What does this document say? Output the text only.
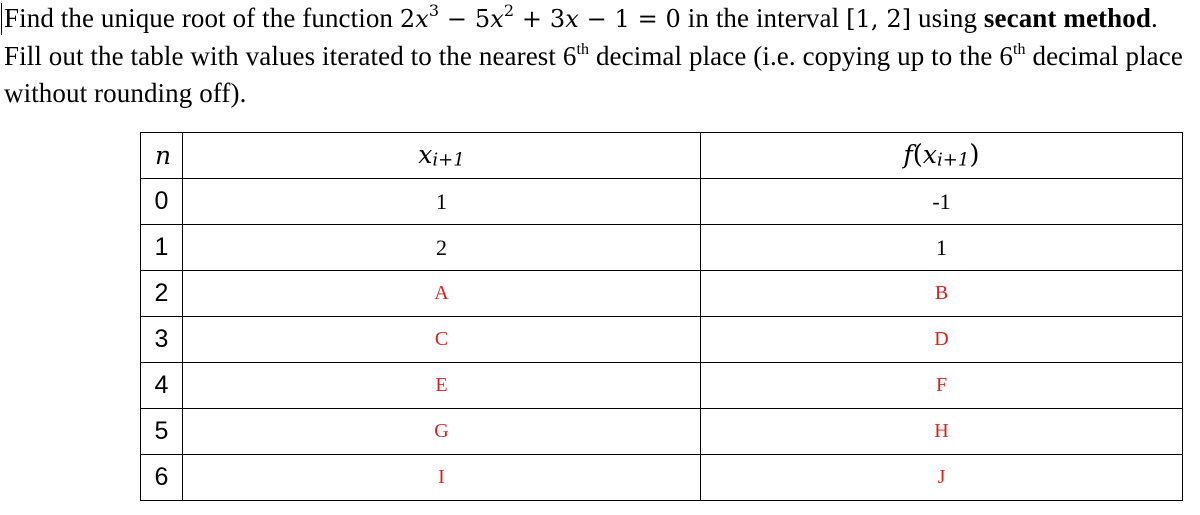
Find the unique root of the function $2x^3 - 5x^2 + 3x - 1 = 0$ in the interval [1, 2] using secant method. Fill out the table with values iterated to the nearest 6th decimal place (i.e. copying up to the 6th decimal place without rounding off).
n	$x_{i+1}$	$f(x_{i+1})$
0	1	-1
1	2	1
2	A	B
3	C	D
4	E	F
5	G	H
6	I	J
